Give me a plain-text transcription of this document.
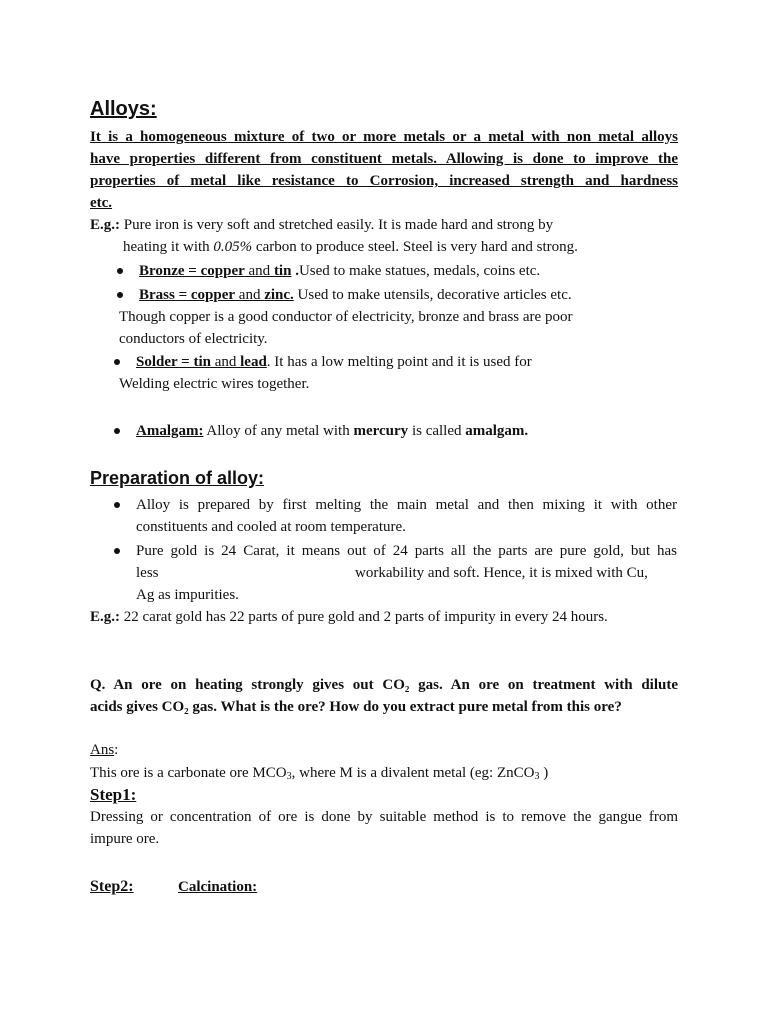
Alloys:
It is a homogeneous mixture of two or more metals or a metal with non metal alloys
have properties different from constituent metals. Allowing is done to improve the
properties of metal like resistance to Corrosion, increased strength and hardness
etc.
E.g.: Pure iron is very soft and stretched easily. It is made hard and strong by
heating it with 0.05% carbon to produce steel. Steel is very hard and strong.
Bronze = copper and tin .Used to make statues, medals, coins etc.
Brass = copper and zinc. Used to make utensils, decorative articles etc.
Though copper is a good conductor of electricity, bronze and brass are poor
conductors of electricity.
Solder = tin and lead. It has a low melting point and it is used for
Welding electric wires together.
Amalgam: Alloy of any metal with mercury is called amalgam.
Preparation of alloy:
Alloy is prepared by first melting the main metal and then mixing it with other
constituents and cooled at room temperature.
Pure gold is 24 Carat, it means out of 24 parts all the parts are pure gold, but has
less	workability and soft. Hence, it is mixed with Cu,
Ag as impurities.
E.g.: 22 carat gold has 22 parts of pure gold and 2 parts of impurity in every 24 hours.
Q. An ore on heating strongly gives out CO₂ gas. An ore on treatment with dilute
acids gives CO₂ gas. What is the ore? How do you extract pure metal from this ore?
Ans:
This ore is a carbonate ore $MCO_3$, where M is a divalent metal (eg: ZnCO$_3$ )
Step1:
Dressing or concentration of ore is done by suitable method is to remove the gangue from
impure ore.
Step2:	Calcination:
